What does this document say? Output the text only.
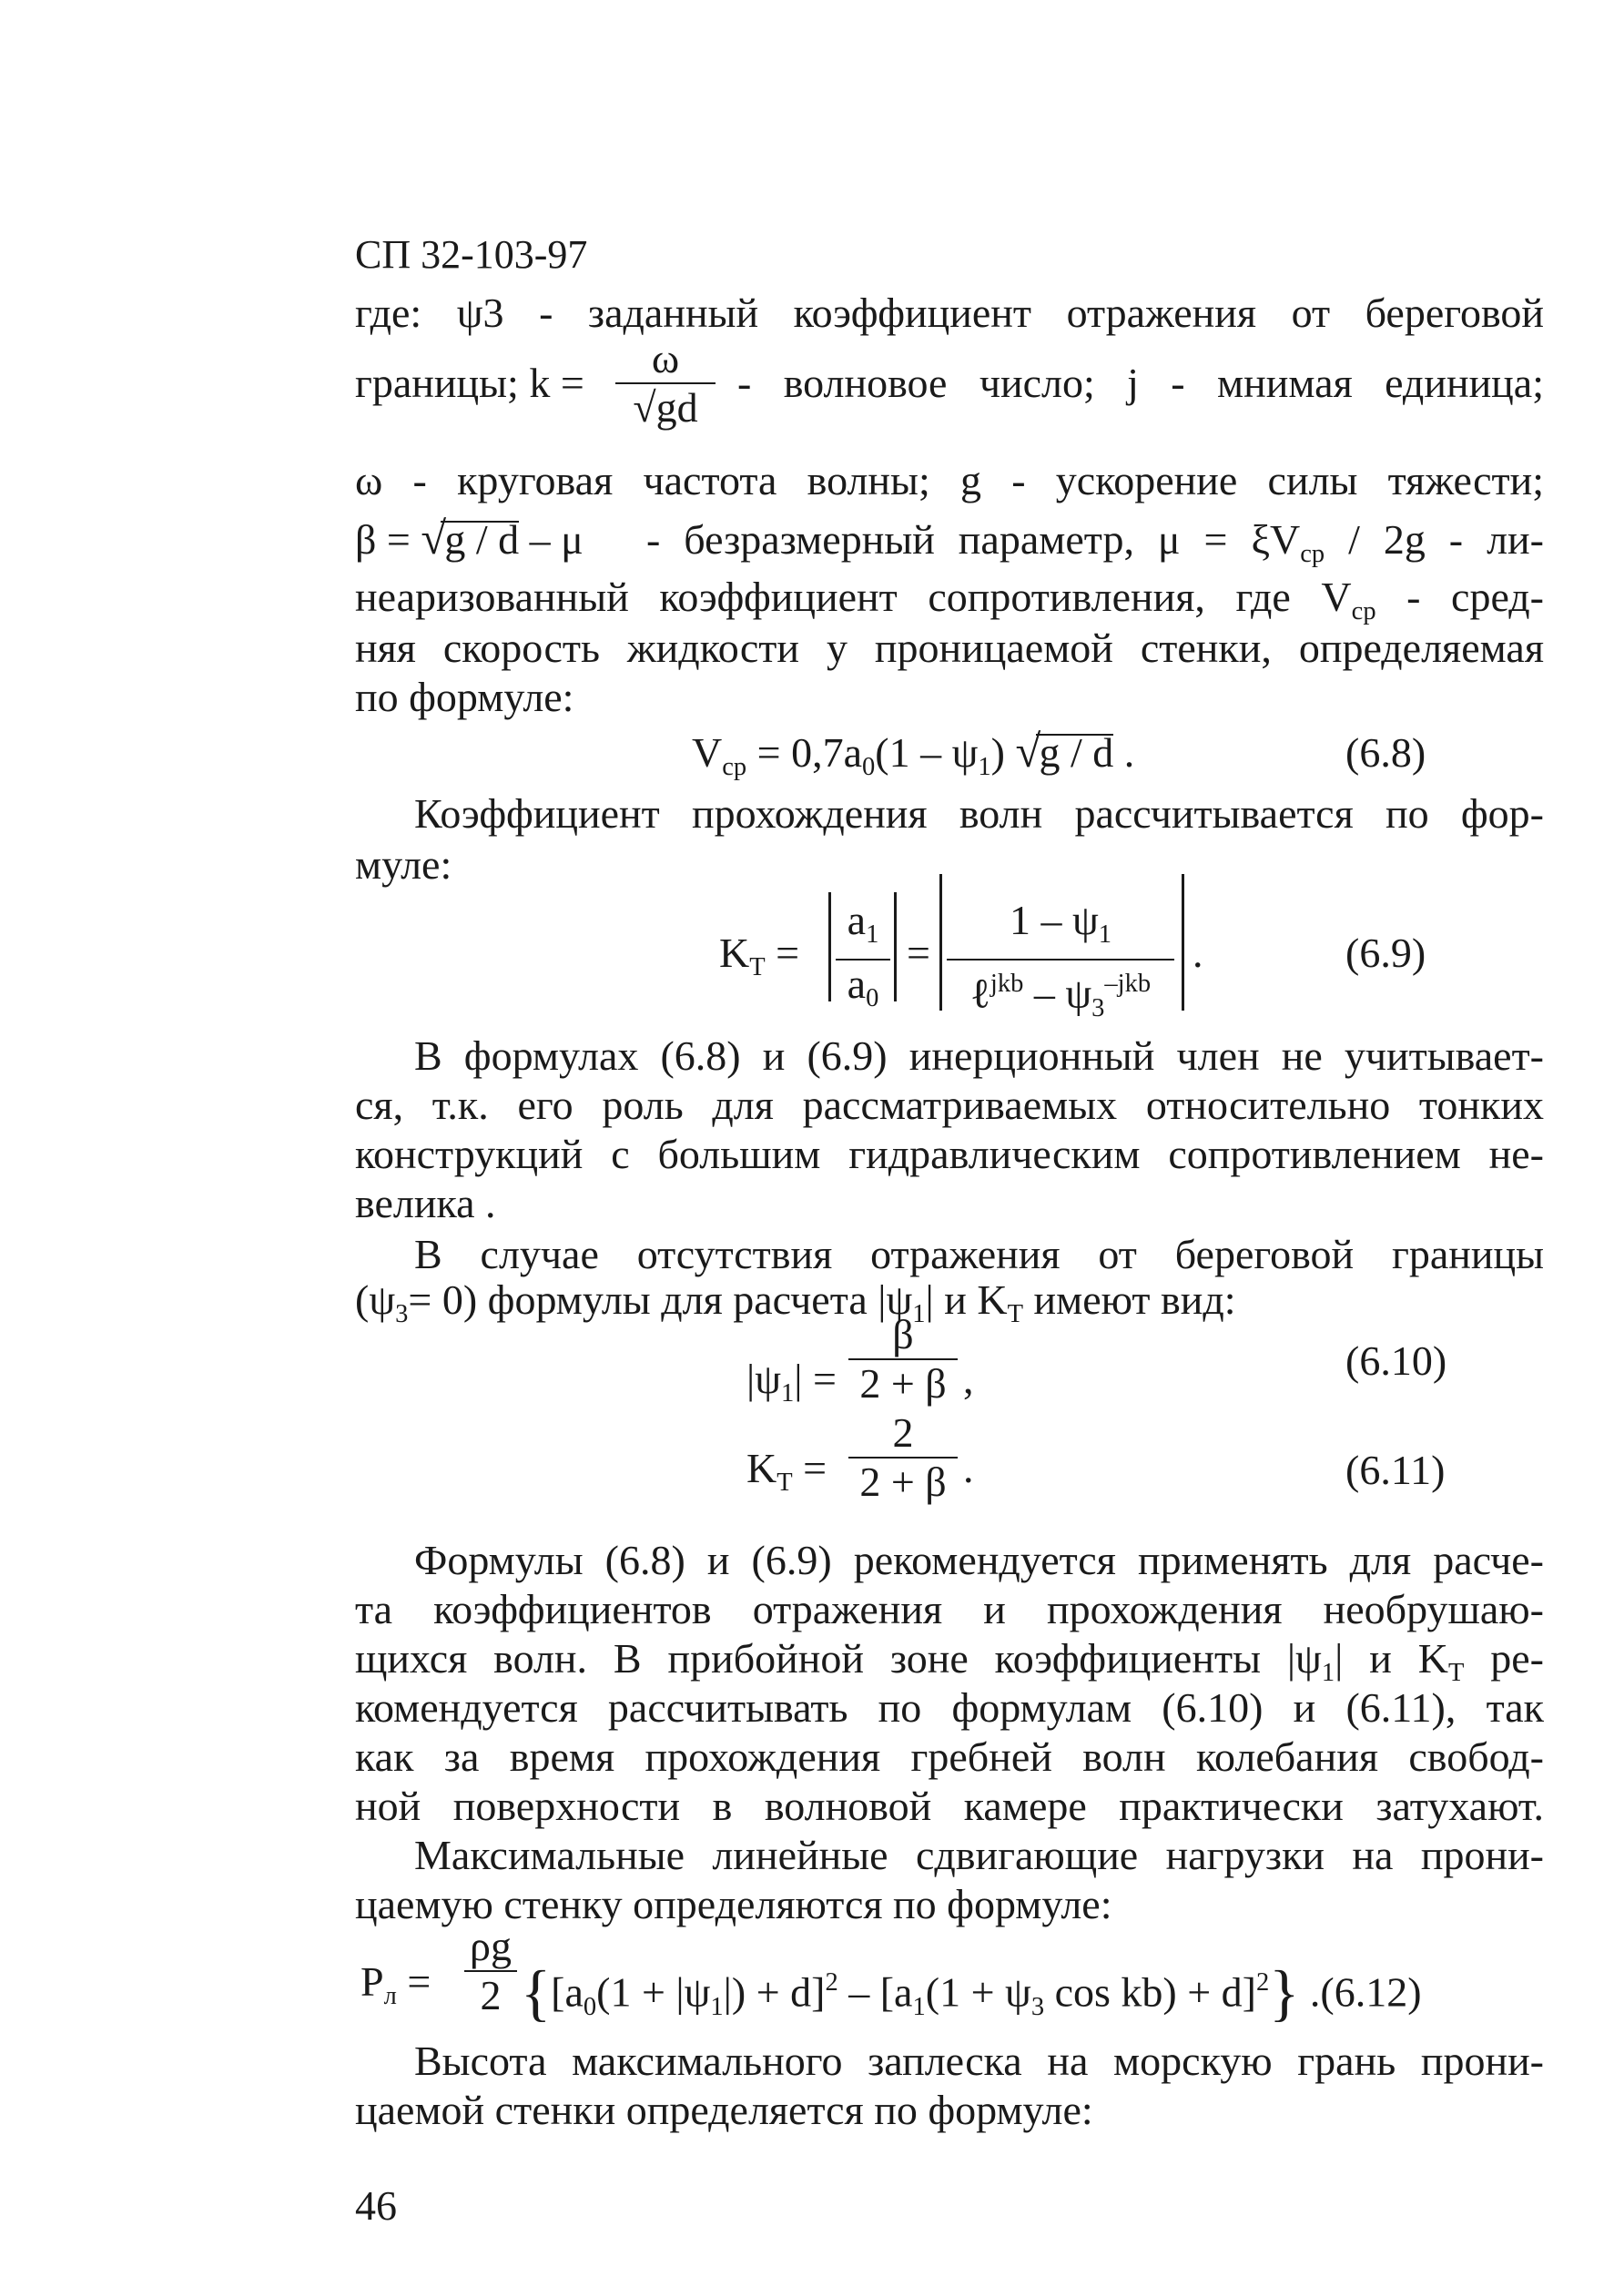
СП 32-103-97
где: ψ3 - заданный коэффициент отражения от береговой
границы; $k = \frac{\omega}{√gd}$ - волновое число; j - мнимая единица;
ω - круговая частота волны; g - ускорение силы тяжести;
β = √
g / d – μ - безразмерный параметр, $\mu = \xi V_{cp} / 2g - ли-$
неаризованный коэффициент сопротивления, где $V_{cp}$ - сред-
няя скорость жидкости у проницаемой стенки, определяемая
по формуле:
$V_{cp} = 0,7a_0(1 - \psi_1)$ √
g / d .	(6.8)
Коэффициент прохождения волн рассчитывается по фор-
муле:
$K_T = \frac{a_1}{a_0}$ =
$1 - \psi_1$
ℓ$^{jkb}$ – $\psi_3^{-jkb}$
.	(6.9)
В формулах (6.8) и (6.9) инерционный член не учитывает-
ся, т.к. его роль для рассматриваемых относительно тонких
конструкций с большим гидравлическим сопротивлением не-
велика .
В случае отсутствия отражения от береговой границы
$(\psi_3= 0)$ формулы для расчета $|\psi_1|$ и $K_T$ имеют вид:
$|\psi_1| = \frac{\beta}{2 + \beta}$ ,	(6.10)
$K_T = \frac{2}{2 + \beta}$ .	(6.11)
Формулы (6.8) и (6.9) рекомендуется применять для расче-
та коэффициентов отражения и прохождения необрушаю-
щихся волн. В прибойной зоне коэффициенты $|\psi_1|$ и $K_T$ ре-
комендуется рассчитывать по формулам (6.10) и (6.11), так
как за время прохождения гребней волн колебания свобод-
ной поверхности в волновой камере практически затухают.
Максимальные линейные сдвигающие нагрузки на прони-
цаемую стенку определяются по формуле:
$P_л = \frac{\rho g}{2} \{[a_0(1 + |\psi_1|) + d]^2 - [a_1(1 + \psi_3$ cos kb) + d]$^2$} .(6.12)
Высота максимального заплеска на морскую грань прони-
цаемой стенки определяется по формуле:
46
